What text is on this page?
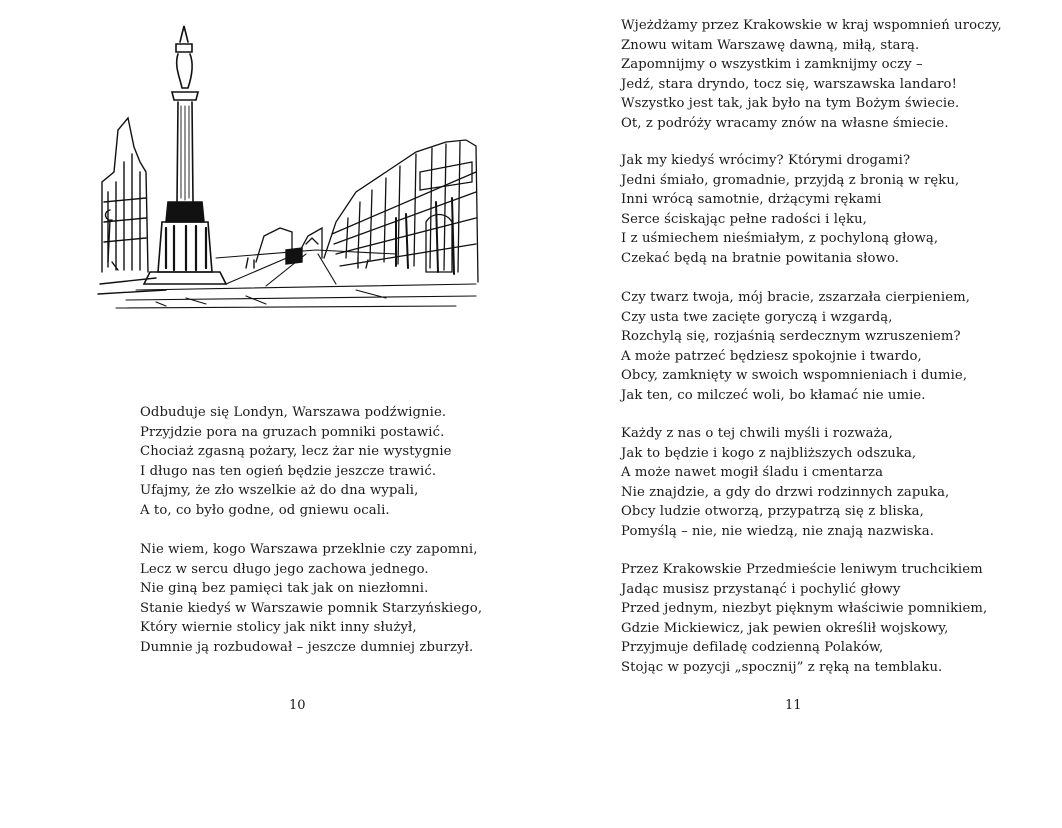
Odbuduje się Londyn, Warszawa podźwignie.
Przyjdzie pora na gruzach pomniki postawić.
Chociaż zgasną pożary, lecz żar nie wystygnie
I długo nas ten ogień będzie jeszcze trawić.
Ufajmy, że zło wszelkie aż do dna wypali,
A to, co było godne, od gniewu ocali.
Nie wiem, kogo Warszawa przeklnie czy zapomni,
Lecz w sercu długo jego zachowa jednego.
Nie giną bez pamięci tak jak on niezłomni.
Stanie kiedyś w Warszawie pomnik Starzyńskiego,
Który wiernie stolicy jak nikt inny służył,
Dumnie ją rozbudował – jeszcze dumniej zburzył.
10
Wjeżdżamy przez Krakowskie w kraj wspomnień uroczy,
Znowu witam Warszawę dawną, miłą, starą.
Zapomnijmy o wszystkim i zamknijmy oczy –
Jedź, stara dryndo, tocz się, warszawska landaro!
Wszystko jest tak, jak było na tym Bożym świecie.
Ot, z podróży wracamy znów na własne śmiecie.
Jak my kiedyś wrócimy? Którymi drogami?
Jedni śmiało, gromadnie, przyjdą z bronią w ręku,
Inni wrócą samotnie, drżącymi rękami
Serce ściskając pełne radości i lęku,
I z uśmiechem nieśmiałym, z pochyloną głową,
Czekać będą na bratnie powitania słowo.
Czy twarz twoja, mój bracie, zszarzała cierpieniem,
Czy usta twe zacięte goryczą i wzgardą,
Rozchylą się, rozjaśnią serdecznym wzruszeniem?
A może patrzeć będziesz spokojnie i twardo,
Obcy, zamknięty w swoich wspomnieniach i dumie,
Jak ten, co milczeć woli, bo kłamać nie umie.
Każdy z nas o tej chwili myśli i rozważa,
Jak to będzie i kogo z najbliższych odszuka,
A może nawet mogił śladu i cmentarza
Nie znajdzie, a gdy do drzwi rodzinnych zapuka,
Obcy ludzie otworzą, przypatrzą się z bliska,
Pomyślą – nie, nie wiedzą, nie znają nazwiska.
Przez Krakowskie Przedmieście leniwym truchcikiem
Jadąc musisz przystanąć i pochylić głowy
Przed jednym, niezbyt pięknym właściwie pomnikiem,
Gdzie Mickiewicz, jak pewien określił wojskowy,
Przyjmuje defiladę codzienną Polaków,
Stojąc w pozycji „spocznij” z ręką na temblaku.
11
